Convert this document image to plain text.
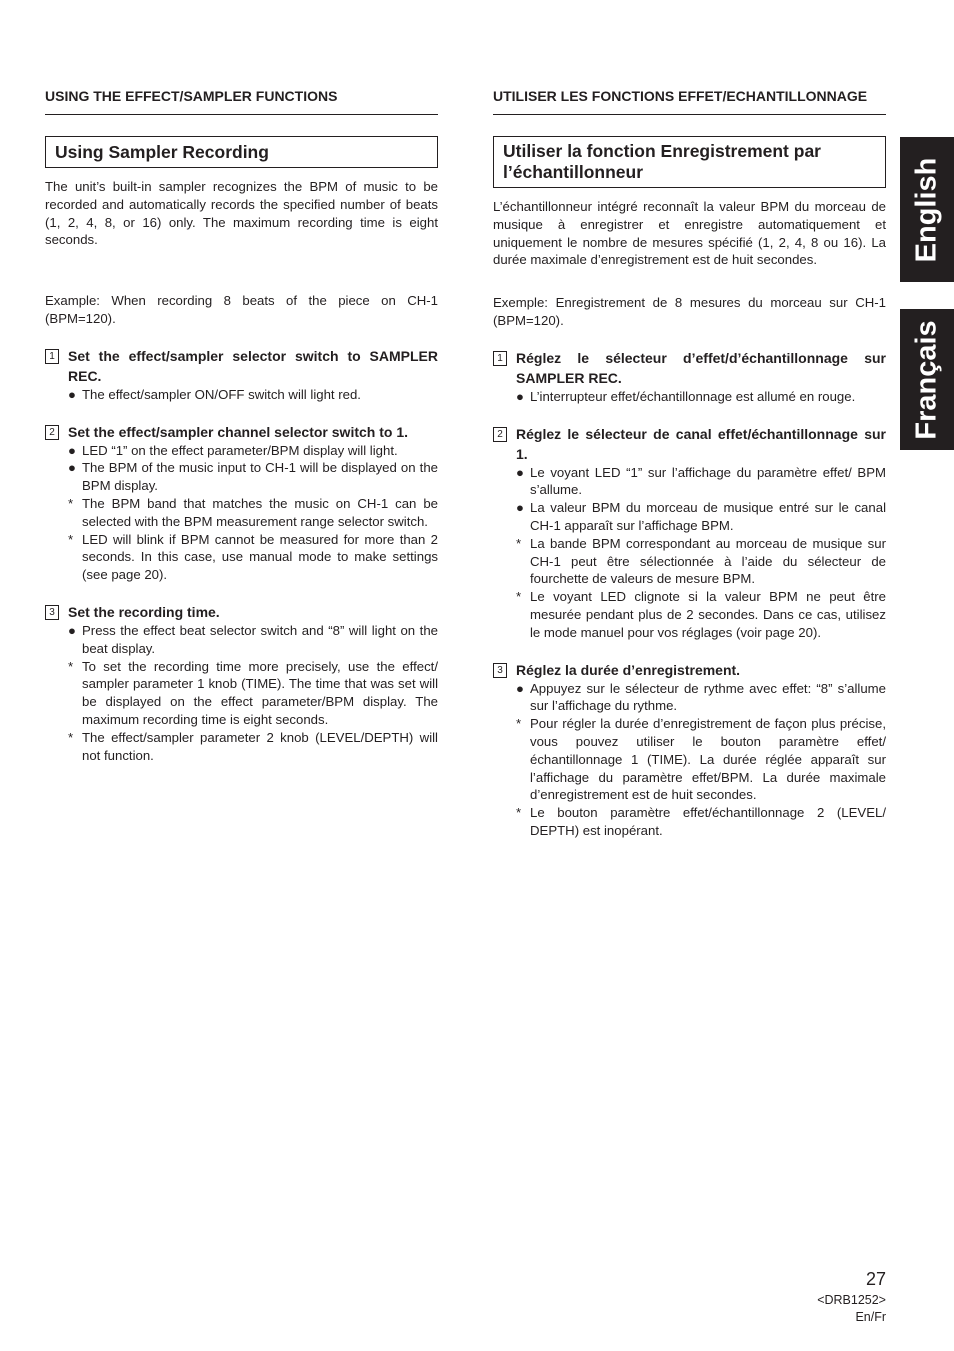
USING THE EFFECT/SAMPLER FUNCTIONS
Using Sampler Recording

The unit’s built-in sampler recognizes the BPM of music to be recorded and automatically records the specified number of beats (1, 2, 4, 8, or 16) only. The maximum recording time is eight seconds.

Example: When recording 8 beats of the piece on CH-1 (BPM=120).

1 Set the effect/sampler selector switch to SAMPLER REC.
● The effect/sampler ON/OFF switch will light red.
2 Set the effect/sampler channel selector switch to 1.
● LED “1” on the effect parameter/BPM display will light.
● The BPM of the music input to CH-1 will be displayed on the BPM display.
* The BPM band that matches the music on CH-1 can be selected with the BPM measurement range selector switch.
* LED will blink if BPM cannot be measured for more than 2 seconds. In this case, use manual mode to make settings (see page 20).
3 Set the recording time.
● Press the effect beat selector switch and “8” will light on the beat display.
* To set the recording time more precisely, use the effect/ sampler parameter 1 knob (TIME). The time that was set will be displayed on the effect parameter/BPM display. The maximum recording time is eight seconds.
* The effect/sampler parameter 2 knob (LEVEL/DEPTH) will not function.
UTILISER LES FONCTIONS EFFET/ECHANTILLONNAGE
Utiliser la fonction Enregistrement par l’échantillonneur

L’échantillonneur intégré reconnaît la valeur BPM du morceau de musique à enregistrer et enregistre automatiquement et uniquement le nombre de mesures spécifié (1, 2, 4, 8 ou 16). La durée maximale d’enregistrement est de huit secondes.

Exemple: Enregistrement de 8 mesures du morceau sur CH-1 (BPM=120).

1 Réglez le sélecteur d’effet/d’échantillonnage sur SAMPLER REC.
● L’interrupteur effet/échantillonnage est allumé en rouge.
2 Réglez le sélecteur de canal effet/échantillonnage sur 1.
● Le voyant LED “1” sur l’affichage du paramètre effet/ BPM s’allume.
● La valeur BPM du morceau de musique entré sur le canal CH-1 apparaît sur l’affichage BPM.
* La bande BPM correspondant au morceau de musique sur CH-1 peut être sélectionnée à l’aide du sélecteur de fourchette de valeurs de mesure BPM.
* Le voyant LED clignote si la valeur BPM ne peut être mesurée pendant plus de 2 secondes. Dans ce cas, utilisez le mode manuel pour vos réglages (voir page 20).
3 Réglez la durée d’enregistrement.
● Appuyez sur le sélecteur de rythme avec effet: “8” s’allume sur l’affichage du rythme.
* Pour régler la durée d’enregistrement de façon plus précise, vous pouvez utiliser le bouton paramètre effet/ échantillonnage 1 (TIME). La durée réglée apparaît sur l’affichage du paramètre effet/BPM. La durée maximale d’enregistrement est de huit secondes.
* Le bouton paramètre effet/échantillonnage 2 (LEVEL/ DEPTH) est inopérant.
English
Français
27
<DRB1252>
En/Fr
